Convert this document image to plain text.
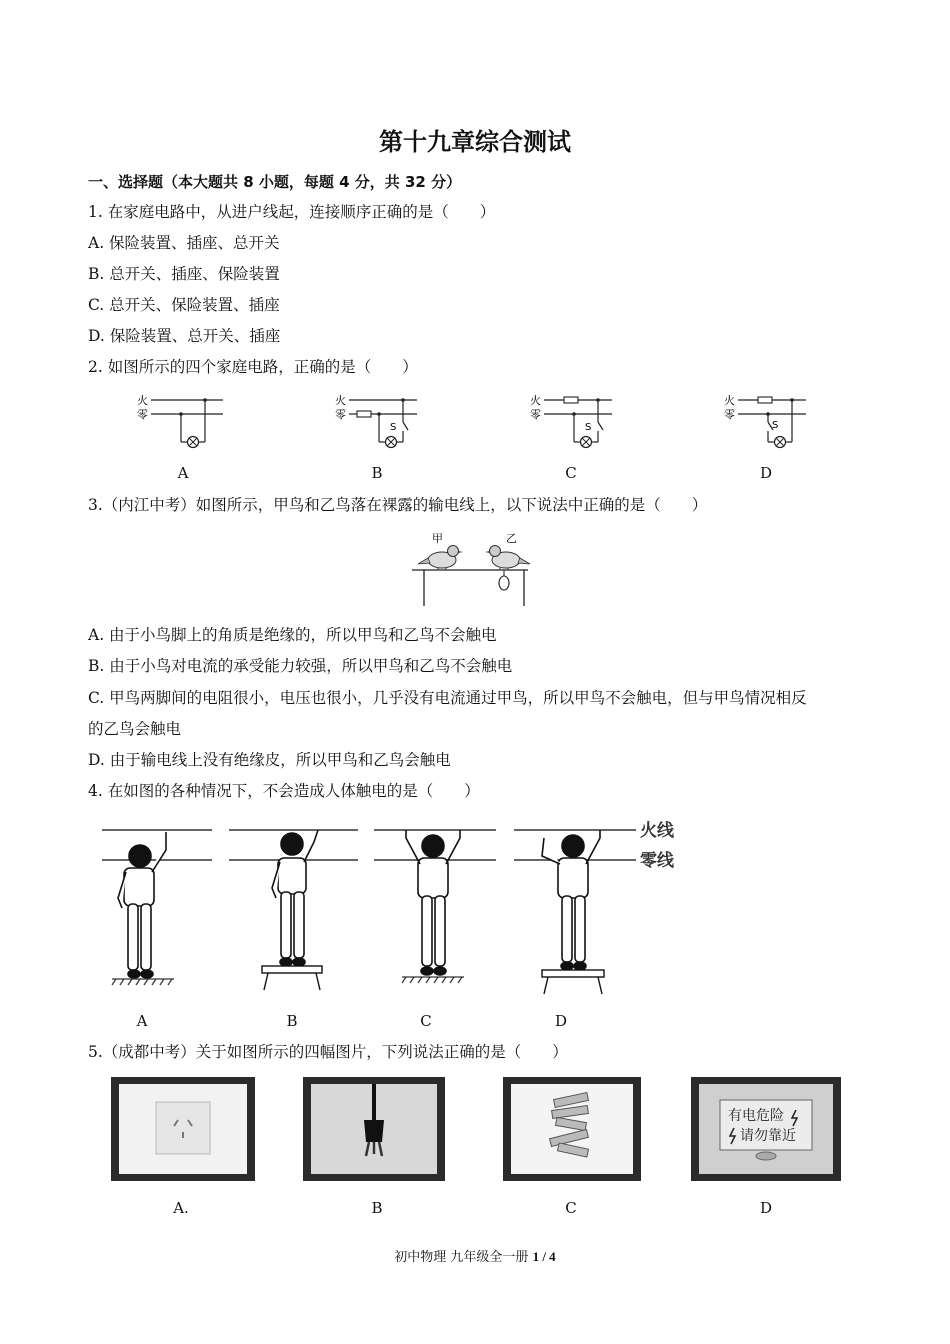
第十九章综合测试
一、选择题（本大题共 8 小题，每题 4 分，共 32 分）
1. 在家庭电路中，从进户线起，连接顺序正确的是（　　）
A. 保险装置、插座、总开关
B. 总开关、插座、保险装置
C. 总开关、保险装置、插座
D. 保险装置、总开关、插座
2. 如图所示的四个家庭电路，正确的是（　　）
火
零
火
零
S
火
零
S
火
零
S
A	B	C	D
3.（内江中考）如图所示，甲鸟和乙鸟落在裸露的输电线上，以下说法中正确的是（　　）
甲	乙
A. 由于小鸟脚上的角质是绝缘的，所以甲鸟和乙鸟不会触电
B. 由于小鸟对电流的承受能力较强，所以甲鸟和乙鸟不会触电
C. 甲鸟两脚间的电阻很小，电压也很小，几乎没有电流通过甲鸟，所以甲鸟不会触电，但与甲鸟情况相反
的乙鸟会触电
D. 由于输电线上没有绝缘皮，所以甲鸟和乙鸟会触电
4. 在如图的各种情况下，不会造成人体触电的是（　　）
火线
零线
A	B	C	D
5.（成都中考）关于如图所示的四幅图片，下列说法正确的是（　　）
有电危险
请勿靠近
A.	B	C	D
初中物理 九年级全一册 1 / 4
